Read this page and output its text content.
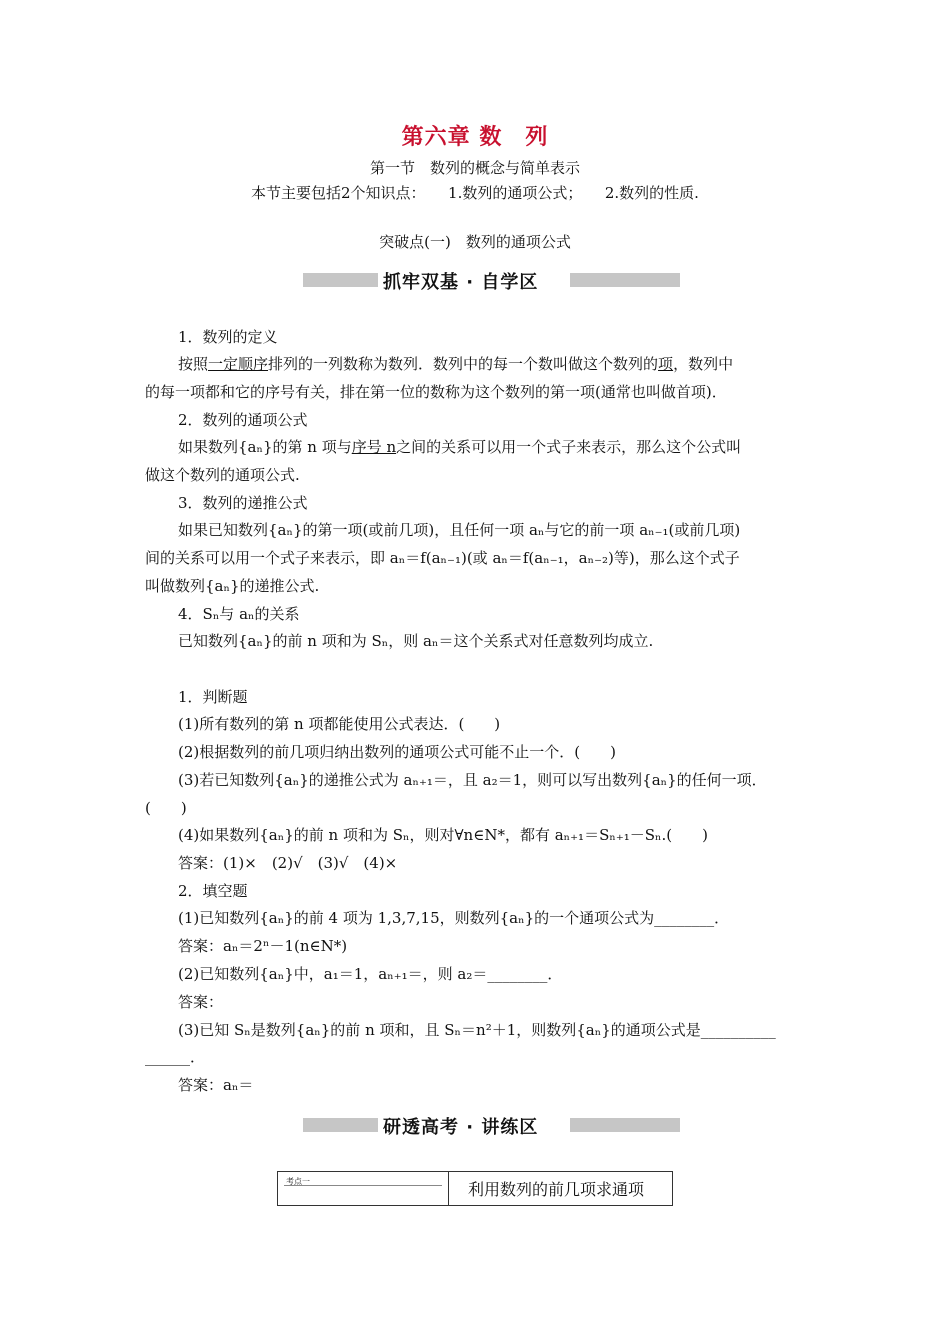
第六章 数　列
第一节　数列的概念与简单表示
本节主要包括2个知识点：　　1.数列的通项公式；　　2.数列的性质.
突破点(一)　数列的通项公式
抓牢双基 · 自学区
1．数列的定义
按照一定顺序排列的一列数称为数列．数列中的每一个数叫做这个数列的项，数列中
的每一项都和它的序号有关，排在第一位的数称为这个数列的第一项(通常也叫做首项)．
2．数列的通项公式
如果数列{aₙ}的第 n 项与序号 n之间的关系可以用一个式子来表示，那么这个公式叫
做这个数列的通项公式.
3．数列的递推公式
如果已知数列{aₙ}的第一项(或前几项)，且任何一项 aₙ与它的前一项 aₙ₋₁(或前几项)
间的关系可以用一个式子来表示，即 aₙ＝f(aₙ₋₁)(或 aₙ＝f(aₙ₋₁，aₙ₋₂)等)，那么这个式子
叫做数列{aₙ}的递推公式.
4．Sₙ与 aₙ的关系
已知数列{aₙ}的前 n 项和为 Sₙ，则 aₙ＝这个关系式对任意数列均成立.
1．判断题
(1)所有数列的第 n 项都能使用公式表达．(　　)
(2)根据数列的前几项归纳出数列的通项公式可能不止一个．(　　)
(3)若已知数列{aₙ}的递推公式为 aₙ₊₁＝，且 a₂＝1，则可以写出数列{aₙ}的任何一项．
(　　)
(4)如果数列{aₙ}的前 n 项和为 Sₙ，则对∀n∈N*，都有 aₙ₊₁＝Sₙ₊₁－Sₙ.(　　)
答案：(1)×　(2)√　(3)√　(4)×
2．填空题
(1)已知数列{aₙ}的前 4 项为 1,3,7,15，则数列{aₙ}的一个通项公式为________．
答案：aₙ＝2ⁿ－1(n∈N*)
(2)已知数列{aₙ}中，a₁＝1，aₙ₊₁＝，则 a₂＝________．
答案：
(3)已知 Sₙ是数列{aₙ}的前 n 项和，且 Sₙ＝n²＋1，则数列{aₙ}的通项公式是__________
______．
答案：aₙ＝
研透高考 · 讲练区
考点一	利用数列的前几项求通项
